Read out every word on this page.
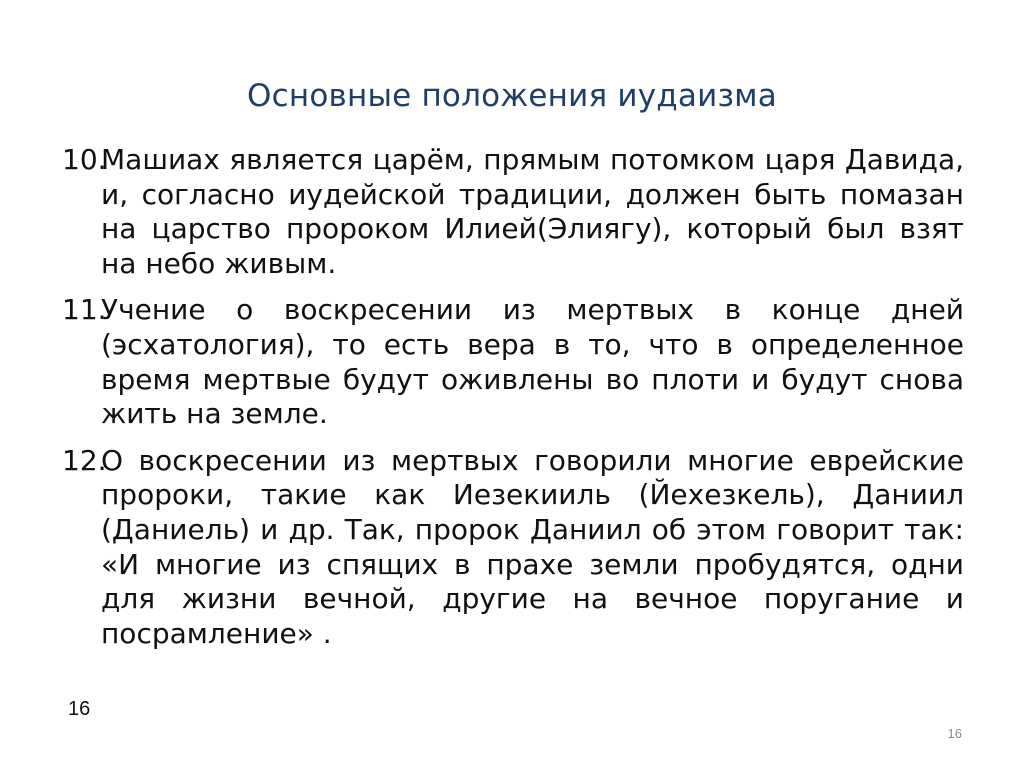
Основные положения иудаизма
10.
Машиах является царём, прямым потомком царя Давида, и, согласно иудейской традиции, должен быть помазан на царство пророком Илией(Элиягу), который был взят на небо живым.
11.
Учение о воскресении из мертвых в конце дней (эсхатология), то есть вера в то, что в определенное время мертвые будут оживлены во плоти и будут снова жить на земле.
12.
О воскресении из мертвых говорили многие еврейские пророки, такие как Иезекииль (Йехезкель), Даниил (Даниель) и др. Так, пророк Даниил об этом говорит так: «И многие из спящих в прахе земли пробудятся, одни для жизни вечной, другие на вечное поругание и посрамление» .
16
16
